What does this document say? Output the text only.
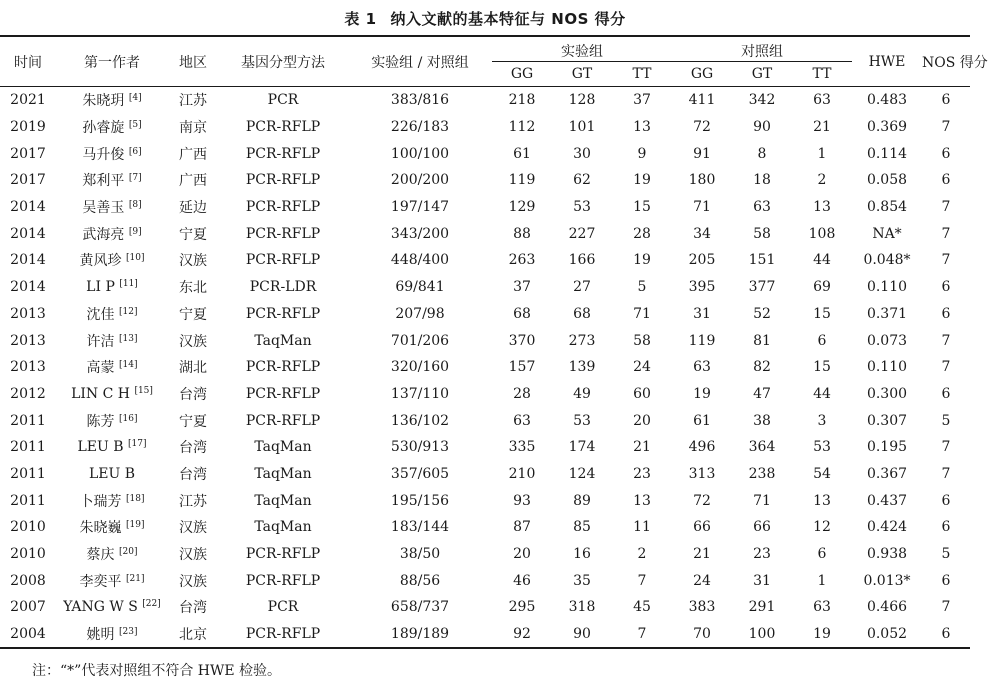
表 1 纳入文献的基本特征与 NOS 得分
时间	第一作者	地区	基因分型方法	实验组 / 对照组	实验组			对照组			HWE	NOS 得分
					GG	GT	TT	GG	GT	TT		
2021	朱晓玥 [4]	江苏	PCR	383/816	218	128	37	411	342	63	0.483	6
2019	孙睿旋 [5]	南京	PCR-RFLP	226/183	112	101	13	72	90	21	0.369	7
2017	马升俊 [6]	广西	PCR-RFLP	100/100	61	30	9	91	8	1	0.114	6
2017	郑利平 [7]	广西	PCR-RFLP	200/200	119	62	19	180	18	2	0.058	6
2014	吴善玉 [8]	延边	PCR-RFLP	197/147	129	53	15	71	63	13	0.854	7
2014	武海亮 [9]	宁夏	PCR-RFLP	343/200	88	227	28	34	58	108	NA*	7
2014	黄风珍 [10]	汉族	PCR-RFLP	448/400	263	166	19	205	151	44	0.048*	7
2014	LI P [11]	东北	PCR-LDR	69/841	37	27	5	395	377	69	0.110	6
2013	沈佳 [12]	宁夏	PCR-RFLP	207/98	68	68	71	31	52	15	0.371	6
2013	许洁 [13]	汉族	TaqMan	701/206	370	273	58	119	81	6	0.073	7
2013	高蒙 [14]	湖北	PCR-RFLP	320/160	157	139	24	63	82	15	0.110	7
2012	LIN C H [15]	台湾	PCR-RFLP	137/110	28	49	60	19	47	44	0.300	6
2011	陈芳 [16]	宁夏	PCR-RFLP	136/102	63	53	20	61	38	3	0.307	5
2011	LEU B [17]	台湾	TaqMan	530/913	335	174	21	496	364	53	0.195	7
2011	LEU B	台湾	TaqMan	357/605	210	124	23	313	238	54	0.367	7
2011	卜瑞芳 [18]	江苏	TaqMan	195/156	93	89	13	72	71	13	0.437	6
2010	朱晓巍 [19]	汉族	TaqMan	183/144	87	85	11	66	66	12	0.424	6
2010	蔡庆 [20]	汉族	PCR-RFLP	38/50	20	16	2	21	23	6	0.938	5
2008	李奕平 [21]	汉族	PCR-RFLP	88/56	46	35	7	24	31	1	0.013*	6
2007	YANG W S [22]	台湾	PCR	658/737	295	318	45	383	291	63	0.466	7
2004	姚明 [23]	北京	PCR-RFLP	189/189	92	90	7	70	100	19	0.052	6
注：“*”代表对照组不符合 HWE 检验。
